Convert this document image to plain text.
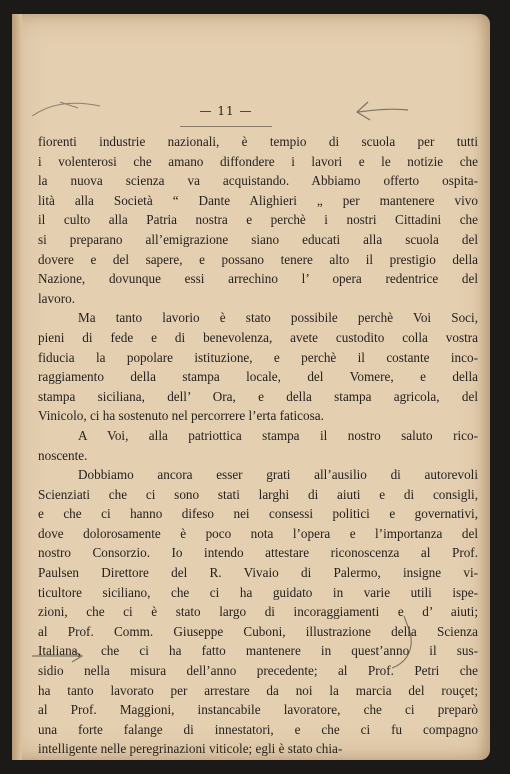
— 11 —
fiorenti industrie nazionali, è tempio di scuola per tutti
i volenterosi che amano diffondere i lavori e le notizie che
la nuova scienza va acquistando. Abbiamo offerto ospita-
lità alla Società “ Dante Alighieri „ per mantenere vivo
il culto alla Patria nostra e perchè i nostri Cittadini che
si preparano all’emigrazione siano educati alla scuola del
dovere e del sapere, e possano tenere alto il prestigio della
Nazione, dovunque essi arrechino l’ opera redentrice del
lavoro.
Ma tanto lavorio è stato possibile perchè Voi Soci,
pieni di fede e di benevolenza, avete custodito colla vostra
fiducia la popolare istituzione, e perchè il costante inco-
raggiamento della stampa locale, del Vomere, e della
stampa siciliana, dell’ Ora, e della stampa agricola, del
Vinicolo, ci ha sostenuto nel percorrere l’erta faticosa.
A Voi, alla patriottica stampa il nostro saluto rico-
noscente.
Dobbiamo ancora esser grati all’ausilio di autorevoli
Scienziati che ci sono stati larghi di aiuti e di consigli,
e che ci hanno difeso nei consessi politici e governativi,
dove dolorosamente è poco nota l’opera e l’importanza del
nostro Consorzio. Io intendo attestare riconoscenza al Prof.
Paulsen Direttore del R. Vivaio di Palermo, insigne vi-
ticultore siciliano, che ci ha guidato in varie utili ispe-
zioni, che ci è stato largo di incoraggiamenti e d’ aiuti;
al Prof. Comm. Giuseppe Cuboni, illustrazione della Scienza
Italiana, che ci ha fatto mantenere in quest’anno il sus-
sidio nella misura dell’anno precedente; al Prof. Petri che
ha tanto lavorato per arrestare da noi la marcia del rouçet;
al Prof. Maggioni, instancabile lavoratore, che ci preparò
una forte falange di innestatori, e che ci fu compagno
intelligente nelle peregrinazioni viticole; egli è stato chia-
